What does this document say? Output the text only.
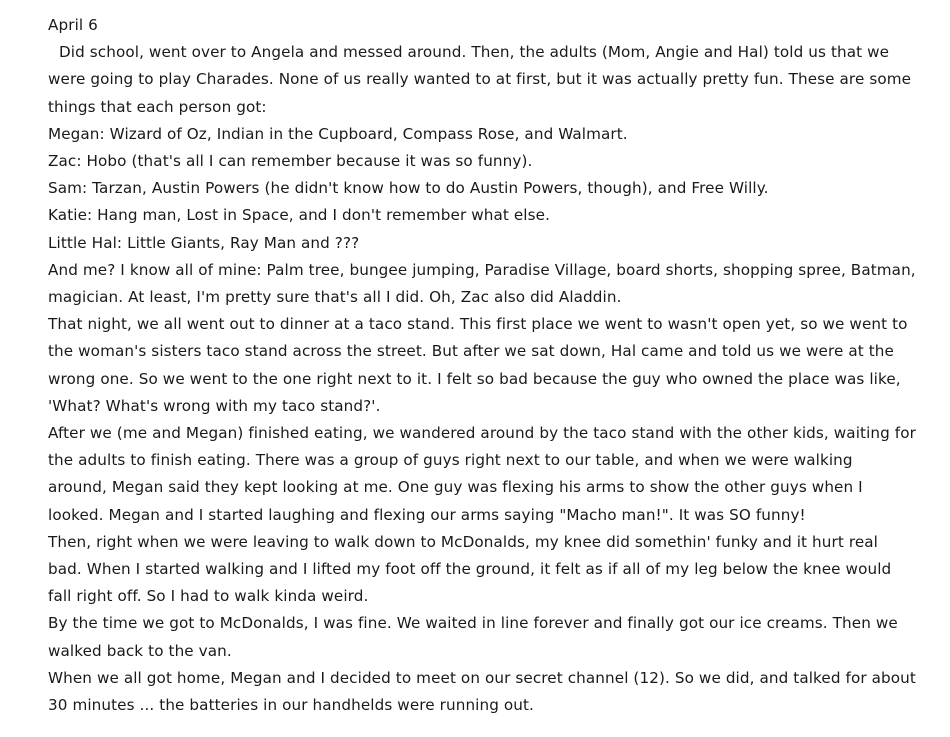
April 6

Did school, went over to Angela and messed around. Then, the adults (Mom, Angie and Hal) told us that we were going to play Charades. None of us really wanted to at first, but it was actually pretty fun. These are some things that each person got:

Megan: Wizard of Oz, Indian in the Cupboard, Compass Rose, and Walmart.

Zac: Hobo (that's all I can remember because it was so funny).

Sam: Tarzan, Austin Powers (he didn't know how to do Austin Powers, though), and Free Willy.

Katie: Hang man, Lost in Space, and I don't remember what else.

Little Hal: Little Giants, Ray Man and ???

And me? I know all of mine: Palm tree, bungee jumping, Paradise Village, board shorts, shopping spree, Batman, magician. At least, I'm pretty sure that's all I did. Oh, Zac also did Aladdin.

That night, we all went out to dinner at a taco stand. This first place we went to wasn't open yet, so we went to the woman's sisters taco stand across the street. But after we sat down, Hal came and told us we were at the wrong one. So we went to the one right next to it. I felt so bad because the guy who owned the place was like, 'What? What's wrong with my taco stand?'.

After we (me and Megan) finished eating, we wandered around by the taco stand with the other kids, waiting for the adults to finish eating. There was a group of guys right next to our table, and when we were walking around, Megan said they kept looking at me. One guy was flexing his arms to show the other guys when I looked. Megan and I started laughing and flexing our arms saying "Macho man!". It was SO funny!

Then, right when we were leaving to walk down to McDonalds, my knee did somethin' funky and it hurt real bad. When I started walking and I lifted my foot off the ground, it felt as if all of my leg below the knee would fall right off. So I had to walk kinda weird.

By the time we got to McDonalds, I was fine. We waited in line forever and finally got our ice creams. Then we walked back to the van.

When we all got home, Megan and I decided to meet on our secret channel (12). So we did, and talked for about 30 minutes ... the batteries in our handhelds were running out.
